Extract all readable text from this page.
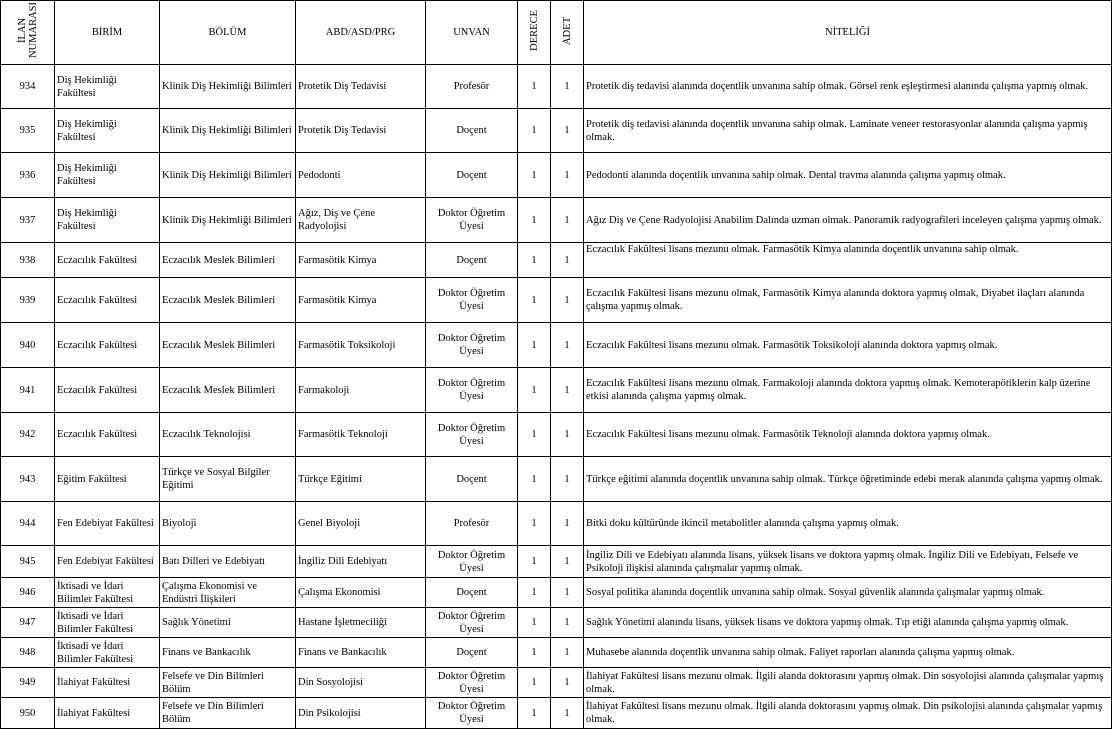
İLAN
NUMARASI	BİRİM	BÖLÜM	ABD/ASD/PRG	UNVAN	DERECE	ADET	NİTELİĞİ
934	Diş Hekimliği Fakültesi	Klinik Diş Hekimliği Bilimleri	Protetik Diş Tedavisi	Profesör	1	1	Protetik diş tedavisi alanında doçentlik unvanına sahip olmak. Görsel renk eşleştirmesi alanında çalışma yapmış olmak.
935	Diş Hekimliği Fakültesi	Klinik Diş Hekimliği Bilimleri	Protetik Diş Tedavisi	Doçent	1	1	Protetik diş tedavisi alanında doçentlik unvanına sahip olmak. Laminate veneer restorasyonlar alanında çalışma yapmış olmak.
936	Diş Hekimliği Fakültesi	Klinik Diş Hekimliği Bilimleri	Pedodonti	Doçent	1	1	Pedodonti alanında doçentlik unvanına sahip olmak. Dental travma alanında çalışma yapmış olmak.
937	Diş Hekimliği Fakültesi	Klinik Diş Hekimliği Bilimleri	Ağız, Diş ve Çene Radyolojisi	Doktor Öğretim Üyesi	1	1	Ağız Diş ve Çene Radyolojisi Anabilim Dalında uzman olmak. Panoramik radyografileri inceleyen çalışma yapmış olmak.
938	Eczacılık Fakültesi	Eczacılık Meslek Bilimleri	Farmasötik Kimya	Doçent	1	1	Eczacılık Fakültesi lisans mezunu olmak. Farmasötik Kimya alanında doçentlik unvanına sahip olmak.
939	Eczacılık Fakültesi	Eczacılık Meslek Bilimleri	Farmasötik Kimya	Doktor Öğretim Üyesi	1	1	Eczacılık Fakültesi lisans mezunu olmak, Farmasötik Kimya alanında doktora yapmış olmak, Diyabet ilaçları alanında çalışma yapmış olmak.
940	Eczacılık Fakültesi	Eczacılık Meslek Bilimleri	Farmasötik Toksikoloji	Doktor Öğretim Üyesi	1	1	Eczacılık Fakültesi lisans mezunu olmak. Farmasötik Toksikoloji alanında doktora yapmış olmak.
941	Eczacılık Fakültesi	Eczacılık Meslek Bilimleri	Farmakoloji	Doktor Öğretim Üyesi	1	1	Eczacılık Fakültesi lisans mezunu olmak. Farmakoloji alanında doktora yapmış olmak. Kemoterapötiklerin kalp üzerine etkisi alanında çalışma yapmış olmak.
942	Eczacılık Fakültesi	Eczacılık Teknolojisi	Farmasötik Teknoloji	Doktor Öğretim Üyesi	1	1	Eczacılık Fakültesi lisans mezunu olmak. Farmasötik Teknoloji alanında doktora yapmış olmak.
943	Eğitim Fakültesi	Türkçe ve Sosyal Bilgiler Eğitimi	Türkçe Eğitimi	Doçent	1	1	Türkçe eğitimi alanında doçentlik unvanına sahip olmak. Türkçe öğretiminde edebi merak alanında çalışma yapmış olmak.
944	Fen Edebiyat Fakültesi	Biyoloji	Genel Biyoloji	Profesör	1	1	Bitki doku kültüründe ikincil metabolitler alanında çalışma yapmış olmak.
945	Fen Edebiyat Fakültesi	Batı Dilleri ve Edebiyatı	İngiliz Dili Edebiyatı	Doktor Öğretim Üyesi	1	1	İngiliz Dili ve Edebiyatı alanında lisans, yüksek lisans ve doktora yapmış olmak. İngiliz Dili ve Edebiyatı, Felsefe ve Psikoloji ilişkisi alanında çalışmalar yapmış olmak.
946	İktisadi ve İdari Bilimler Fakültesi	Çalışma Ekonomisi ve Endüstri İlişkileri	Çalışma Ekonomisi	Doçent	1	1	Sosyal politika alanında doçentlik unvanına sahip olmak. Sosyal güvenlik alanında çalışmalar yapmış olmak.
947	İktisadi ve İdari Bilimler Fakültesi	Sağlık Yönetimi	Hastane İşletmeciliği	Doktor Öğretim Üyesi	1	1	Sağlık Yönetimi alanında lisans, yüksek lisans ve doktora yapmış olmak. Tıp etiği alanında çalışma yapmış olmak.
948	İktisadi ve İdari Bilimler Fakültesi	Finans ve Bankacılık	Finans ve Bankacılık	Doçent	1	1	Muhasebe alanında doçentlik unvanına sahip olmak. Faliyet raporları alanında çalışma yapmış olmak.
949	İlahiyat Fakültesi	Felsefe ve Din Bilimleri Bölüm	Din Sosyolojisi	Doktor Öğretim Üyesi	1	1	İlahiyat Fakültesi lisans mezunu olmak. İlgili alanda doktorasını yapmış olmak. Din sosyolojisi alanında çalışmalar yapmış olmak.
950	İlahiyat Fakültesi	Felsefe ve Din Bilimleri Bölüm	Din Psikolojisi	Doktor Öğretim Üyesi	1	1	İlahiyat Fakültesi lisans mezunu olmak. İlgili alanda doktorasını yapmış olmak. Din psikolojisi alanında çalışmalar yapmış olmak.
